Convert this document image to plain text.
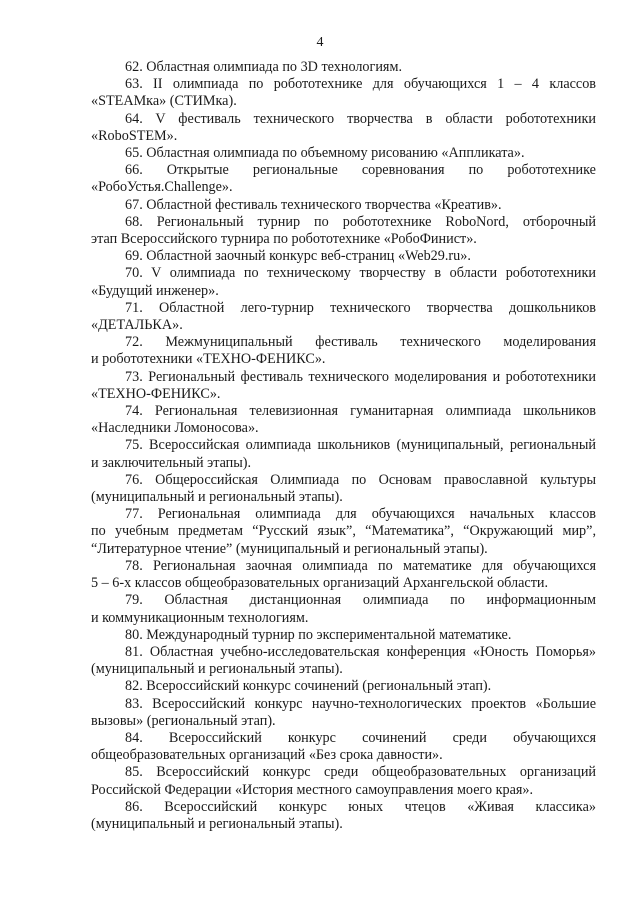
4
62. Областная олимпиада по 3D технологиям.
63. II олимпиада по робототехнике для обучающихся 1 – 4 классов
«STEAMка» (СТИМка).
64. V фестиваль технического творчества в области робототехники
«RoboSTEM».
65. Областная олимпиада по объемному рисованию «Аппликата».
66. Открытые региональные соревнования по робототехнике
«РобоУстья.Challenge».
67. Областной фестиваль технического творчества «Креатив».
68. Региональный турнир по робототехнике RoboNord, отборочный
этап Всероссийского турнира по робототехнике «РобоФинист».
69. Областной заочный конкурс веб-страниц «Web29.ru».
70. V олимпиада по техническому творчеству в области робототехники
«Будущий инженер».
71. Областной лего-турнир технического творчества дошкольников
«ДЕТАЛЬКА».
72. Межмуниципальный фестиваль технического моделирования
и робототехники «ТЕХНО-ФЕНИКС».
73. Региональный фестиваль технического моделирования и робототехники
«ТЕХНО-ФЕНИКС».
74. Региональная телевизионная гуманитарная олимпиада школьников
«Наследники Ломоносова».
75. Всероссийская олимпиада школьников (муниципальный, региональный
и заключительный этапы).
76. Общероссийская Олимпиада по Основам православной культуры
(муниципальный и региональный этапы).
77. Региональная олимпиада для обучающихся начальных классов
по учебным предметам “Русский язык”, “Математика”, “Окружающий мир”,
“Литературное чтение” (муниципальный и региональный этапы).
78. Региональная заочная олимпиада по математике для обучающихся
5 – 6-х классов общеобразовательных организаций Архангельской области.
79. Областная дистанционная олимпиада по информационным
и коммуникационным технологиям.
80. Международный турнир по экспериментальной математике.
81. Областная учебно-исследовательская конференция «Юность Поморья»
(муниципальный и региональный этапы).
82. Всероссийский конкурс сочинений (региональный этап).
83. Всероссийский конкурс научно-технологических проектов «Большие
вызовы» (региональный этап).
84. Всероссийский конкурс сочинений среди обучающихся
общеобразовательных организаций «Без срока давности».
85. Всероссийский конкурс среди общеобразовательных организаций
Российской Федерации «История местного самоуправления моего края».
86. Всероссийский конкурс юных чтецов «Живая классика»
(муниципальный и региональный этапы).
